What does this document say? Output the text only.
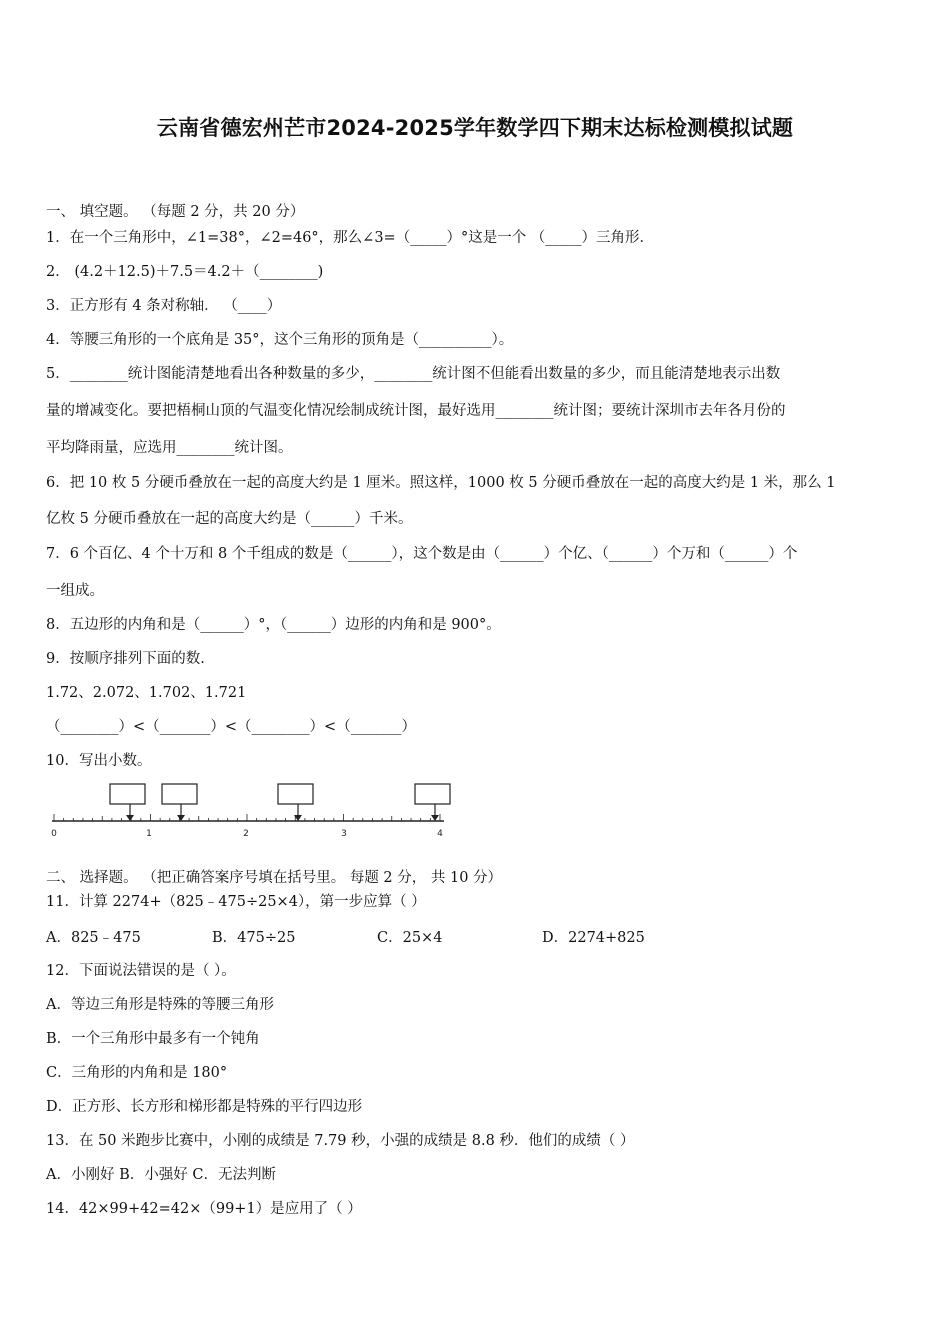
云南省德宏州芒市2024-2025学年数学四下期末达标检测模拟试题
一、 填空题。 （每题 2 分，共 20 分）
1．在一个三角形中，∠1=38°，∠2=46°，那么∠3=（_____）°这是一个 （_____）三角形．
2． (4.2＋12.5)＋7.5＝4.2＋（________)
3．正方形有 4 条对称轴． （____）
4．等腰三角形的一个底角是 35°，这个三角形的顶角是（__________）。
5．________统计图能清楚地看出各种数量的多少，________统计图不但能看出数量的多少，而且能清楚地表示出数
量的增减变化。要把梧桐山顶的气温变化情况绘制成统计图，最好选用________统计图；要统计深圳市去年各月份的
平均降雨量，应选用________统计图。
6．把 10 枚 5 分硬币叠放在一起的高度大约是 1 厘米。照这样，1000 枚 5 分硬币叠放在一起的高度大约是 1 米，那么 1
亿枚 5 分硬币叠放在一起的高度大约是（______）千米。
7．6 个百亿、4 个十万和 8 个千组成的数是（______），这个数是由（______）个亿、（______）个万和（______）个
一组成。
8．五边形的内角和是（______）°，（______）边形的内角和是 900°。
9．按顺序排列下面的数.
1.72、2.072、1.702、1.721
（________）<（_______）<（________）<（_______）
10．写出小数。
0	1	2	3	4
二、 选择题。 （把正确答案序号填在括号里。 每题 2 分， 共 10 分）
11．计算 2274+（825﹣475÷25×4），第一步应算（ ）
A．825﹣475	B．475÷25	C．25×4	D．2274+825
12．下面说法错误的是（ ）。
A．等边三角形是特殊的等腰三角形
B．一个三角形中最多有一个钝角
C．三角形的内角和是 180°
D．正方形、长方形和梯形都是特殊的平行四边形
13．在 50 米跑步比赛中，小刚的成绩是 7.79 秒，小强的成绩是 8.8 秒．他们的成绩（ ）
A．小刚好 B．小强好 C．无法判断
14．42×99+42=42×（99+1）是应用了（ ）
